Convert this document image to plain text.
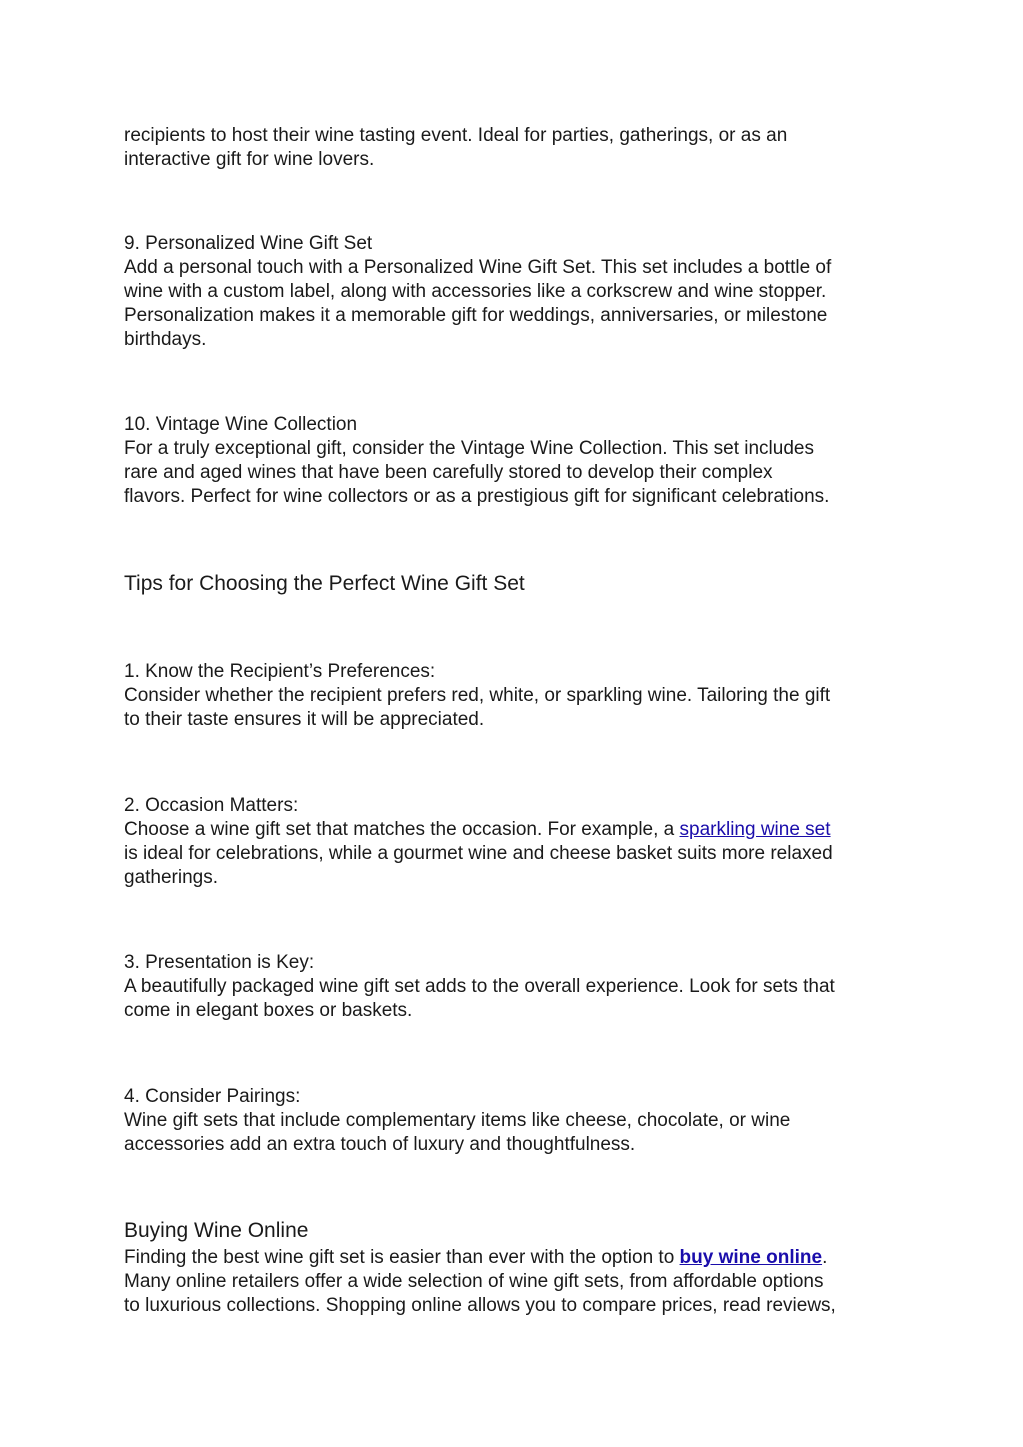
recipients to host their wine tasting event. Ideal for parties, gatherings, or as an
interactive gift for wine lovers.
9. Personalized Wine Gift Set
Add a personal touch with a Personalized Wine Gift Set. This set includes a bottle of
wine with a custom label, along with accessories like a corkscrew and wine stopper.
Personalization makes it a memorable gift for weddings, anniversaries, or milestone
birthdays.
10. Vintage Wine Collection
For a truly exceptional gift, consider the Vintage Wine Collection. This set includes
rare and aged wines that have been carefully stored to develop their complex
flavors. Perfect for wine collectors or as a prestigious gift for significant celebrations.
Tips for Choosing the Perfect Wine Gift Set
1. Know the Recipient’s Preferences:
Consider whether the recipient prefers red, white, or sparkling wine. Tailoring the gift
to their taste ensures it will be appreciated.
2. Occasion Matters:
Choose a wine gift set that matches the occasion. For example, a sparkling wine set
is ideal for celebrations, while a gourmet wine and cheese basket suits more relaxed
gatherings.
3. Presentation is Key:
A beautifully packaged wine gift set adds to the overall experience. Look for sets that
come in elegant boxes or baskets.
4. Consider Pairings:
Wine gift sets that include complementary items like cheese, chocolate, or wine
accessories add an extra touch of luxury and thoughtfulness.
Buying Wine Online
Finding the best wine gift set is easier than ever with the option to buy wine online.
Many online retailers offer a wide selection of wine gift sets, from affordable options
to luxurious collections. Shopping online allows you to compare prices, read reviews,
